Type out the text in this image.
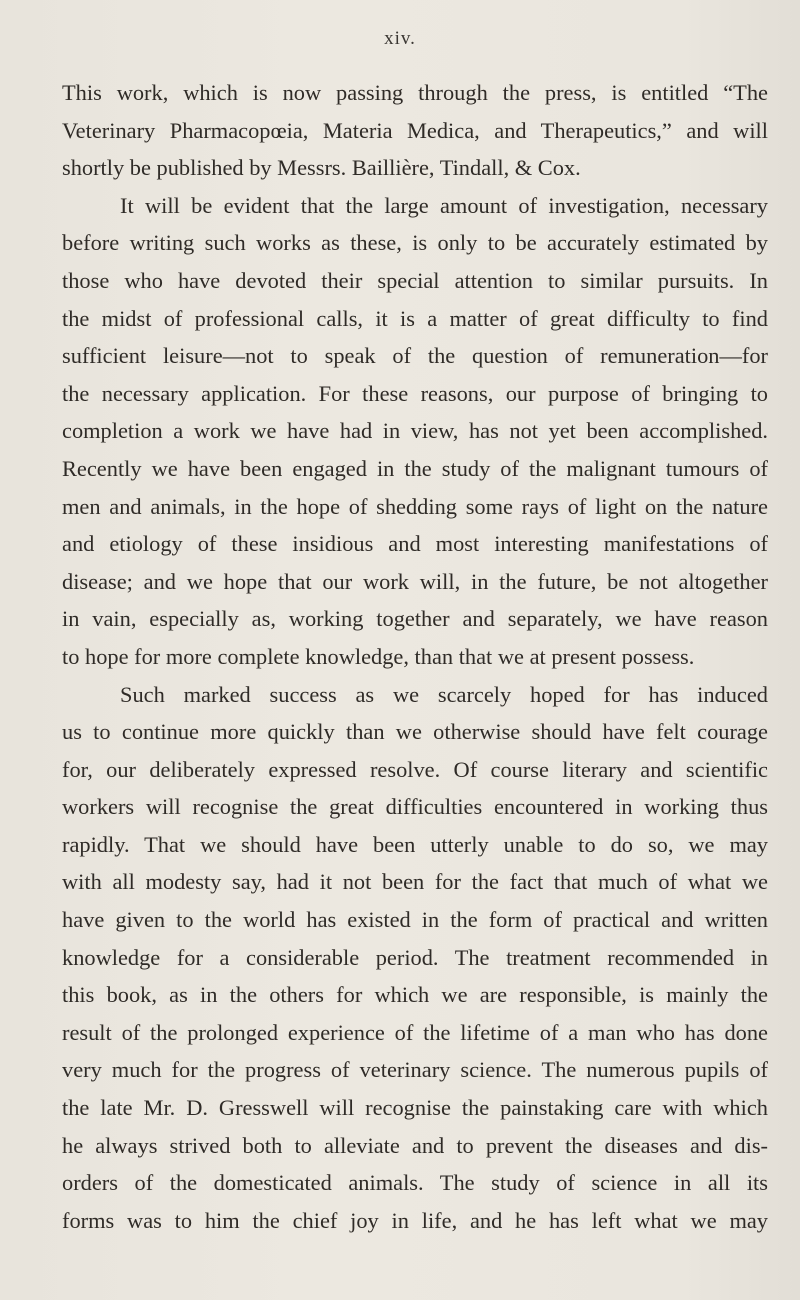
xiv.
This work, which is now passing through the press, is entitled “The
Veterinary Pharmacopœia, Materia Medica, and Therapeutics,” and will
shortly be published by Messrs. Baillière, Tindall, & Cox.
It will be evident that the large amount of investigation, necessary
before writing such works as these, is only to be accurately estimated by
those who have devoted their special attention to similar pursuits. In
the midst of professional calls, it is a matter of great difficulty to find
sufficient leisure—not to speak of the question of remuneration—for
the necessary application. For these reasons, our purpose of bringing to
completion a work we have had in view, has not yet been accomplished.
Recently we have been engaged in the study of the malignant tumours of
men and animals, in the hope of shedding some rays of light on the nature
and etiology of these insidious and most interesting manifestations of
disease; and we hope that our work will, in the future, be not altogether
in vain, especially as, working together and separately, we have reason
to hope for more complete knowledge, than that we at present possess.
Such marked success as we scarcely hoped for has induced
us to continue more quickly than we otherwise should have felt courage
for, our deliberately expressed resolve. Of course literary and scientific
workers will recognise the great difficulties encountered in working thus
rapidly. That we should have been utterly unable to do so, we may
with all modesty say, had it not been for the fact that much of what we
have given to the world has existed in the form of practical and written
knowledge for a considerable period. The treatment recommended in
this book, as in the others for which we are responsible, is mainly the
result of the prolonged experience of the lifetime of a man who has done
very much for the progress of veterinary science. The numerous pupils of
the late Mr. D. Gresswell will recognise the painstaking care with which
he always strived both to alleviate and to prevent the diseases and dis-
orders of the domesticated animals. The study of science in all its
forms was to him the chief joy in life, and he has left what we may
